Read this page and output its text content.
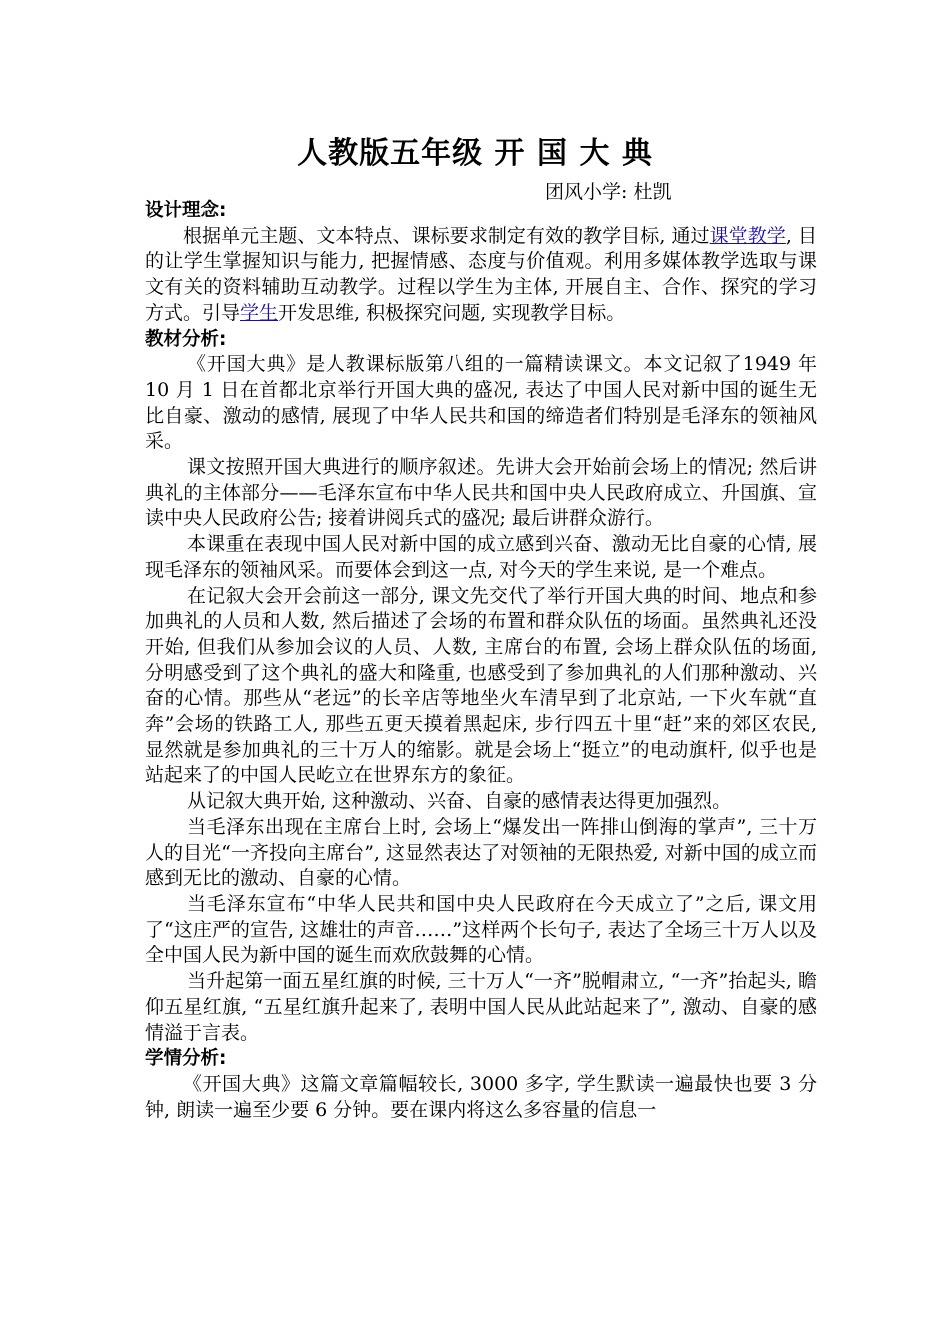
人教版五年级 开 国 大 典
团风小学: 杜凯
设计理念:

根据单元主题、文本特点、课标要求制定有效的教学目标, 通过课堂教学, 目的让学生掌握知识与能力, 把握情感、态度与价值观。利用多媒体教学选取与课文有关的资料辅助互动教学。过程以学生为主体, 开展自主、合作、探究的学习方式。引导学生开发思维, 积极探究问题, 实现教学目标。

教材分析:

《开国大典》是人教课标版第八组的一篇精读课文。本文记叙了1949 年 10 月 1 日在首都北京举行开国大典的盛况, 表达了中国人民对新中国的诞生无比自豪、激动的感情, 展现了中华人民共和国的缔造者们特别是毛泽东的领袖风采。

课文按照开国大典进行的顺序叙述。先讲大会开始前会场上的情况; 然后讲典礼的主体部分——毛泽东宣布中华人民共和国中央人民政府成立、升国旗、宣读中央人民政府公告; 接着讲阅兵式的盛况; 最后讲群众游行。

本课重在表现中国人民对新中国的成立感到兴奋、激动无比自豪的心情, 展现毛泽东的领袖风采。而要体会到这一点, 对今天的学生来说, 是一个难点。

在记叙大会开会前这一部分, 课文先交代了举行开国大典的时间、地点和参加典礼的人员和人数, 然后描述了会场的布置和群众队伍的场面。虽然典礼还没开始, 但我们从参加会议的人员、人数, 主席台的布置, 会场上群众队伍的场面, 分明感受到了这个典礼的盛大和隆重, 也感受到了参加典礼的人们那种激动、兴奋的心情。那些从“老远”的长辛店等地坐火车清早到了北京站, 一下火车就“直奔”会场的铁路工人, 那些五更天摸着黑起床, 步行四五十里“赶”来的郊区农民, 显然就是参加典礼的三十万人的缩影。就是会场上“挺立”的电动旗杆, 似乎也是站起来了的中国人民屹立在世界东方的象征。

从记叙大典开始, 这种激动、兴奋、自豪的感情表达得更加强烈。

当毛泽东出现在主席台上时, 会场上“爆发出一阵排山倒海的掌声”, 三十万人的目光“一齐投向主席台”, 这显然表达了对领袖的无限热爱, 对新中国的成立而感到无比的激动、自豪的心情。

当毛泽东宣布“中华人民共和国中央人民政府在今天成立了”之后, 课文用了“这庄严的宣告, 这雄壮的声音……”这样两个长句子, 表达了全场三十万人以及全中国人民为新中国的诞生而欢欣鼓舞的心情。

当升起第一面五星红旗的时候, 三十万人“一齐”脱帽肃立, “一齐”抬起头, 瞻仰五星红旗, “五星红旗升起来了, 表明中国人民从此站起来了”, 激动、自豪的感情溢于言表。

学情分析:

《开国大典》这篇文章篇幅较长, 3000 多字, 学生默读一遍最快也要 3 分钟, 朗读一遍至少要 6 分钟。要在课内将这么多容量的信息一
